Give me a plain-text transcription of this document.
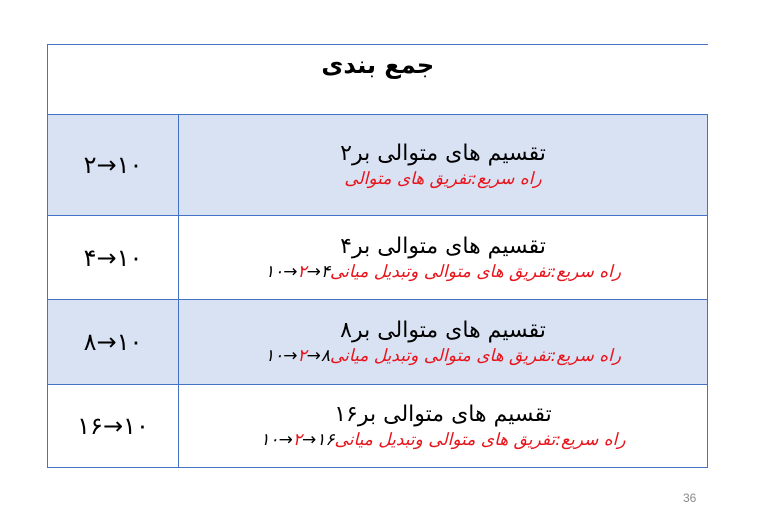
جمع بندی	

۱۰→۲	تقسیم های متوالی بر۲
راه سریع:تفریق های متوالی

۱۰→۴	تقسیم های متوالی بر۴
راه سریع:تفریق های متوالی وتبدیل میانی۴→۲→۱۰

۱۰→۸	تقسیم های متوالی بر۸
راه سریع:تفریق های متوالی وتبدیل میانی۸→۲→۱۰

۱۰→۱۶	تقسیم های متوالی بر۱۶
راه سریع:تفریق های متوالی وتبدیل میانی۱۶→۲→۱۰
36
